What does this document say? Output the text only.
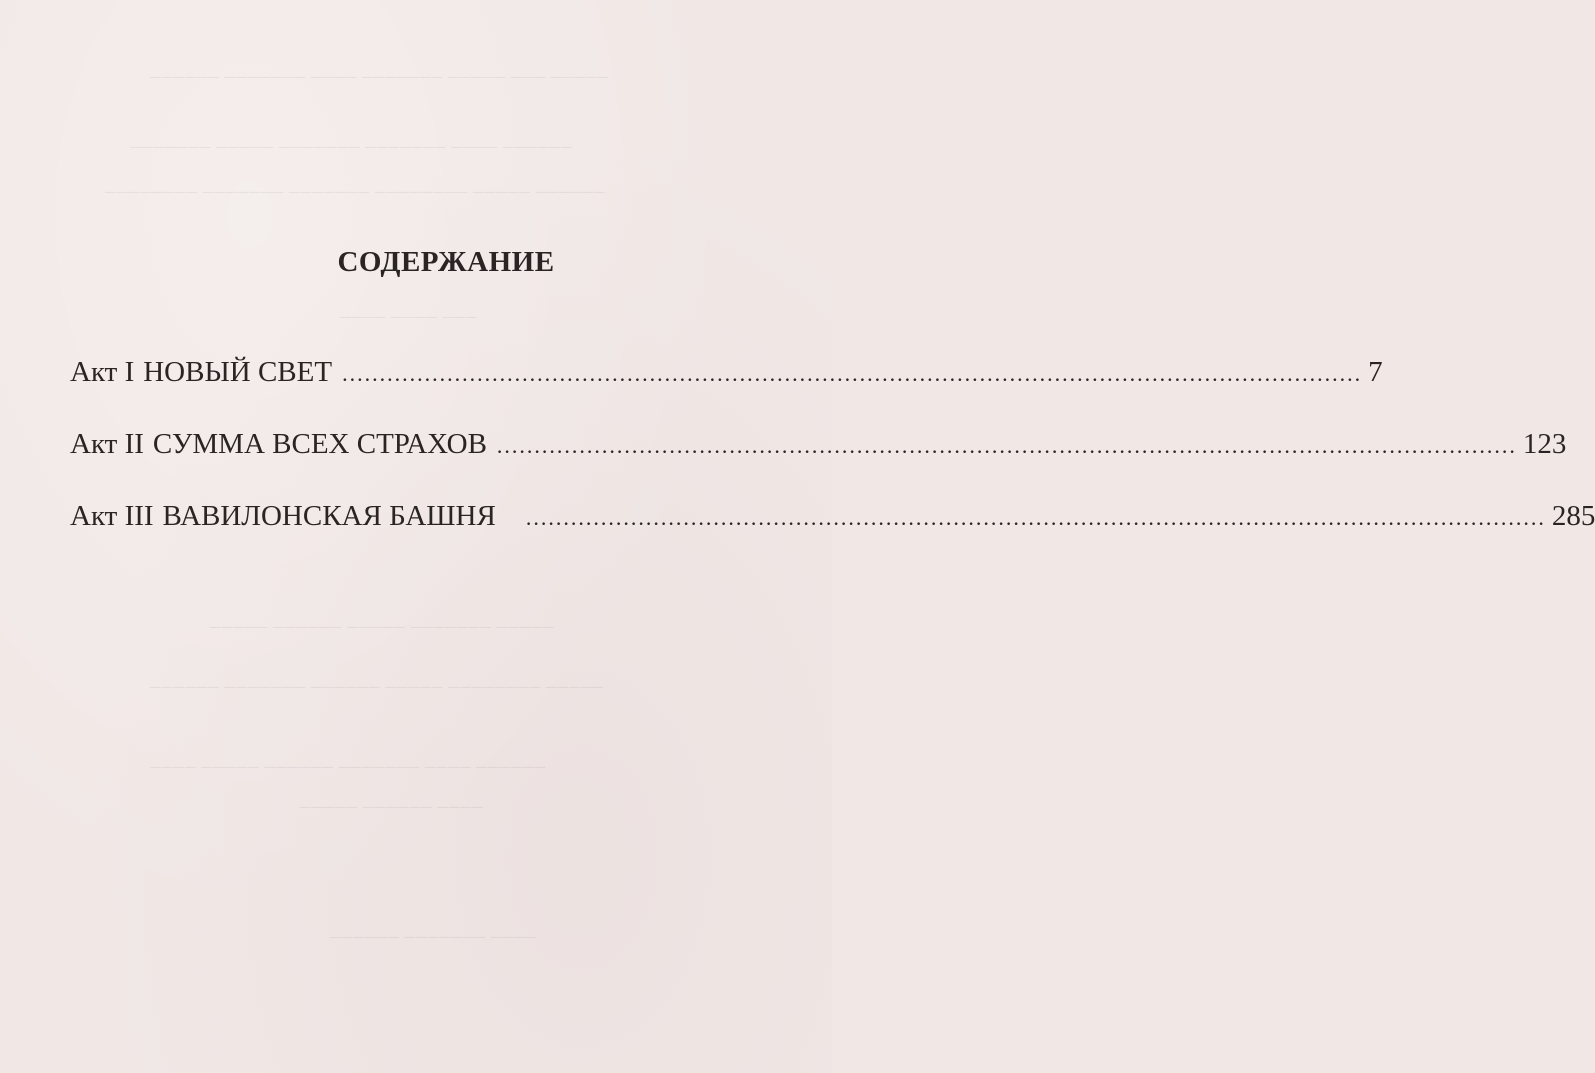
────── ─────── ──── ─────── ───── ─── ─────
─────── ───── ─────── ─────── ──── ──────
──────── ─────── ─────── ──────── ───── ──────
──── ──── ───
───── ────── ───── ─────── ─────
────── ─────── ────── ───── ──────── ─────
──── ───── ────── ─────── ──── ──────
───── ────── ────
────── ─────── ────
СОДЕРЖАНИЕ
Акт I НОВЫЙ СВЕТ ........................................................................................................................................ 7
Акт II СУММА ВСЕХ СТРАХОВ ........................................................................................................................................ 123
Акт III ВАВИЛОНСКАЯ БАШНЯ ........................................................................................................................................ 285
